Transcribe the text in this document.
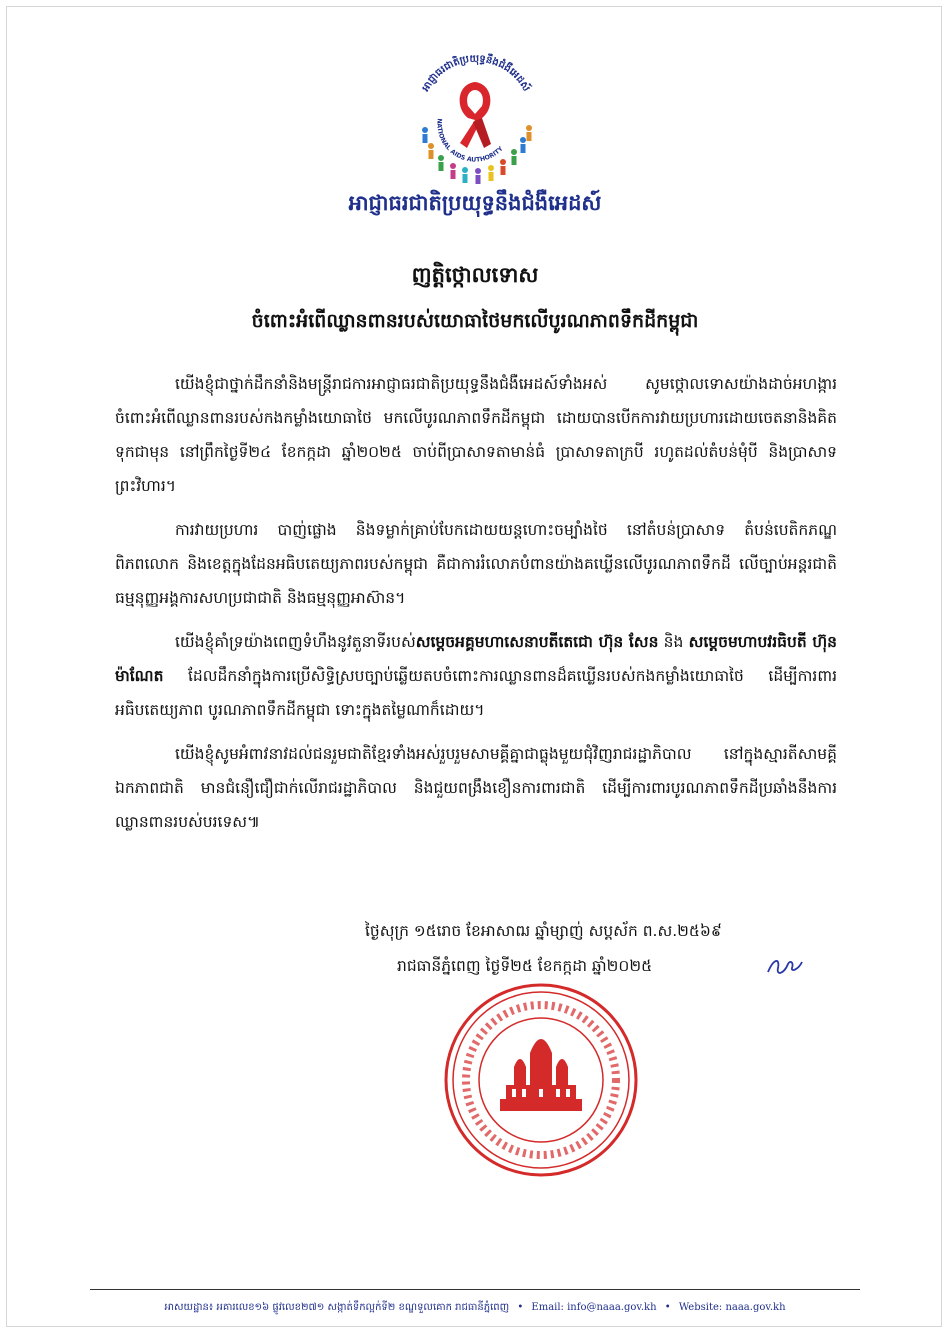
អាជ្ញាធរជាតិប្រយុទ្ធនឹងជំងឺអេដស៍
NATIONAL AIDS AUTHORITY
អាជ្ញាធរជាតិប្រយុទ្ធនឹងជំងឺអេដស៍
ញត្តិថ្កោលទោស
ចំពោះអំពើឈ្លានពានរបស់យោធាថៃមកលើបូរណភាពទឹកដីកម្ពុជា

យើងខ្ញុំជាថ្នាក់ដឹកនាំនិងមន្ត្រីរាជការអាជ្ញាធរជាតិប្រយុទ្ធនឹងជំងឺអេដស៍ទាំងអស់ សូមថ្កោលទោសយ៉ាងដាច់អហង្ការចំពោះអំពើឈ្លានពានរបស់កងកម្លាំងយោធាថៃ មកលើបូរណភាពទឹកដីកម្ពុជា ដោយបានបើកការវាយប្រហារដោយចេតនានិងគិតទុកជាមុន នៅព្រឹកថ្ងៃទី២៤ ខែកក្កដា ឆ្នាំ២០២៥ ចាប់ពីប្រាសាទតាមាន់ធំ ប្រាសាទតាក្របី រហូតដល់តំបន់មុំបី និងប្រាសាទព្រះវិហារ។

ការវាយប្រហារ បាញ់ផ្លោង និងទម្លាក់គ្រាប់បែកដោយយន្តហោះចម្បាំងថៃ នៅតំបន់ប្រាសាទ តំបន់បេតិកភណ្ឌពិភពលោក និងខេត្តក្នុងដែនអធិបតេយ្យភាពរបស់កម្ពុជា គឺជាការរំលោភបំពានយ៉ាងគឃ្លើនលើបូរណភាពទឹកដី លើច្បាប់អន្តរជាតិ ធម្មនុញ្ញអង្គការសហប្រជាជាតិ និងធម្មនុញ្ញអាស៊ាន។

យើងខ្ញុំគាំទ្រយ៉ាងពេញទំហឹងនូវតួនាទីរបស់សម្តេចអគ្គមហាសេនាបតីតេជោ ហ៊ុន សែន និង សម្តេចមហាបវរធិបតី ហ៊ុន ម៉ាណែត ដែលដឹកនាំក្នុងការប្រើសិទ្ធិស្របច្បាប់ឆ្លើយតបចំពោះការឈ្លានពានដ៏គឃ្លើនរបស់កងកម្លាំងយោធាថៃ ដើម្បីការពារអធិបតេយ្យភាព បូរណភាពទឹកដីកម្ពុជា ទោះក្នុងតម្លៃណាក៏ដោយ។

យើងខ្ញុំសូមអំពាវនាវដល់ជនរួមជាតិខ្មែរទាំងអស់រួបរួមសាមគ្គីគ្នាជាធ្លុងមួយជុំវិញរាជរដ្ឋាភិបាល នៅក្នុងស្មារតីសាមគ្គីឯកភាពជាតិ មានជំនឿជឿជាក់លើរាជរដ្ឋាភិបាល និងជួយពង្រឹងខឿនការពារជាតិ ដើម្បីការពារបូរណភាពទឹកដីប្រឆាំងនឹងការឈ្លានពានរបស់បរទេស៕

ថ្ងៃសុក្រ ១៥រោច ខែអាសាឍ ឆ្នាំម្សាញ់ សប្តស័ក ព.ស.២៥៦៩
រាជធានីភ្នំពេញ ថ្ងៃទី២៥ ខែកក្កដា ឆ្នាំ២០២៥
អាសយដ្ឋាន៖ អគារលេខ១៦ ផ្លូវលេខ២៧១ សង្កាត់ទឹកល្អក់ទី២ ខណ្ឌទួលគោក រាជធានីភ្នំពេញ • Email: info@naaa.gov.kh • Website: naaa.gov.kh
